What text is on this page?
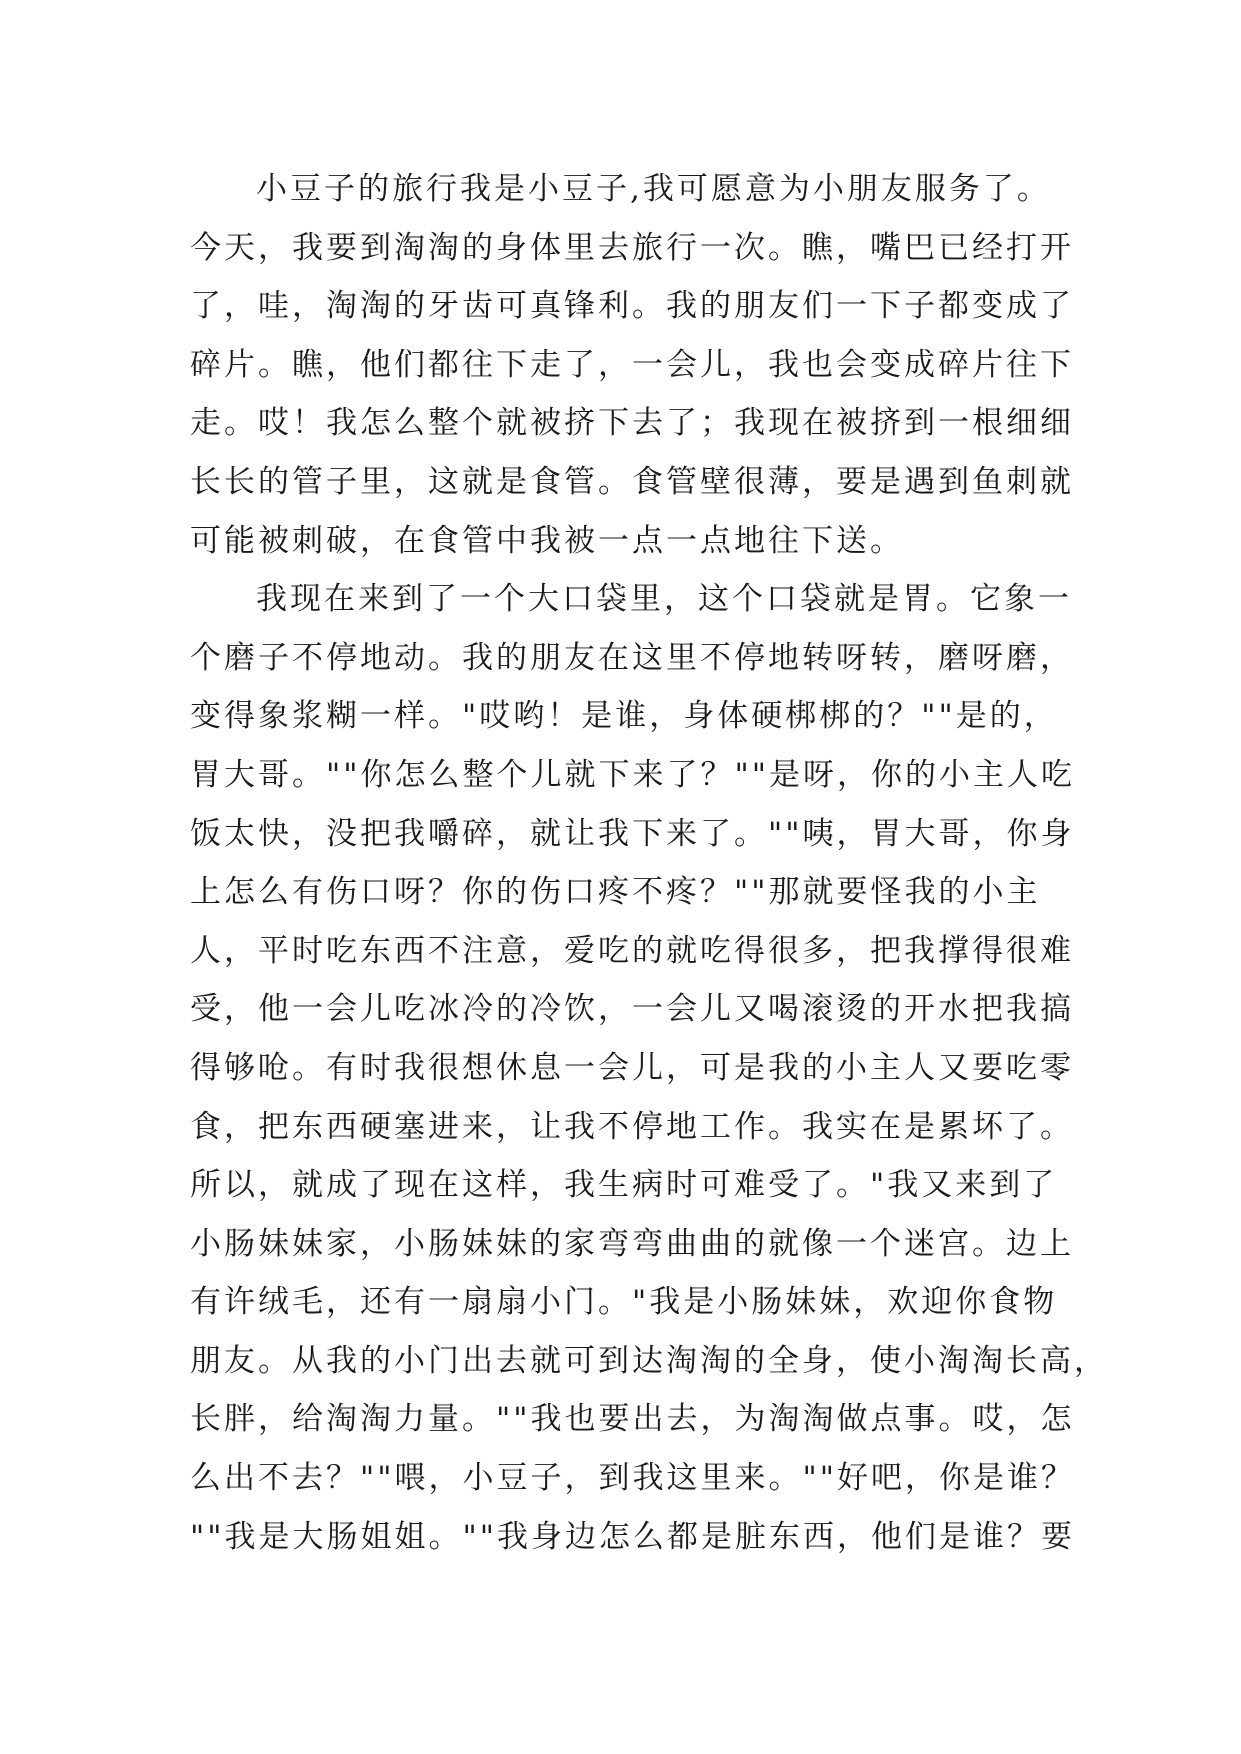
小豆子的旅行我是小豆子,我可愿意为小朋友服务了。
今天，我要到淘淘的身体里去旅行一次。瞧，嘴巴已经打开
了，哇，淘淘的牙齿可真锋利。我的朋友们一下子都变成了
碎片。瞧，他们都往下走了，一会儿，我也会变成碎片往下
走。哎！我怎么整个就被挤下去了；我现在被挤到一根细细
长长的管子里，这就是食管。食管壁很薄，要是遇到鱼刺就
可能被刺破，在食管中我被一点一点地往下送。
我现在来到了一个大口袋里，这个口袋就是胃。它象一
个磨子不停地动。我的朋友在这里不停地转呀转，磨呀磨，
变得象浆糊一样。"哎哟！是谁，身体硬梆梆的？""是的，
胃大哥。""你怎么整个儿就下来了？""是呀，你的小主人吃
饭太快，没把我嚼碎，就让我下来了。""咦，胃大哥，你身
上怎么有伤口呀？你的伤口疼不疼？""那就要怪我的小主
人，平时吃东西不注意，爱吃的就吃得很多，把我撑得很难
受，他一会儿吃冰冷的冷饮，一会儿又喝滚烫的开水把我搞
得够呛。有时我很想休息一会儿，可是我的小主人又要吃零
食，把东西硬塞进来，让我不停地工作。我实在是累坏了。
所以，就成了现在这样，我生病时可难受了。"我又来到了
小肠妹妹家，小肠妹妹的家弯弯曲曲的就像一个迷宫。边上
有许绒毛，还有一扇扇小门。"我是小肠妹妹，欢迎你食物
朋友。从我的小门出去就可到达淘淘的全身，使小淘淘长高，
长胖，给淘淘力量。""我也要出去，为淘淘做点事。哎，怎
么出不去？""喂，小豆子，到我这里来。""好吧，你是谁？
""我是大肠姐姐。""我身边怎么都是脏东西，他们是谁？要
